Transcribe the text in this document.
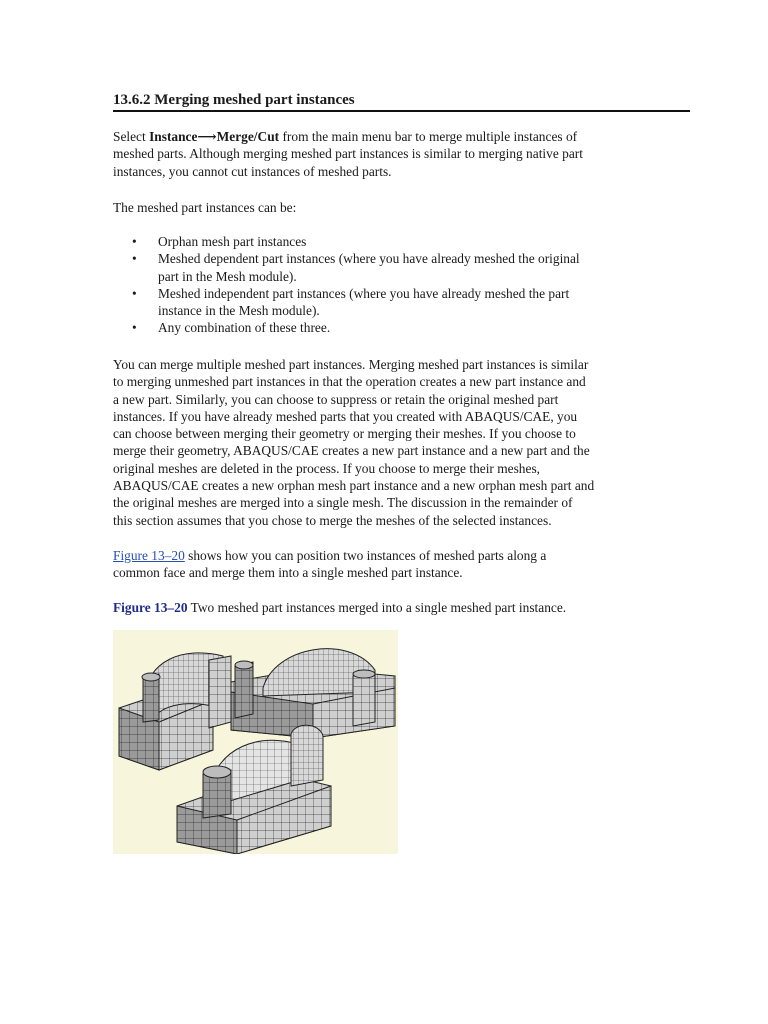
13.6.2 Merging meshed part instances

Select Instance⟶Merge/Cut from the main menu bar to merge multiple instances of
meshed parts. Although merging meshed part instances is similar to merging native part
instances, you cannot cut instances of meshed parts.

The meshed part instances can be:

• Orphan mesh part instances
• Meshed dependent part instances (where you have already meshed the original
part in the Mesh module).
• Meshed independent part instances (where you have already meshed the part
instance in the Mesh module).
• Any combination of these three.

You can merge multiple meshed part instances. Merging meshed part instances is similar
to merging unmeshed part instances in that the operation creates a new part instance and
a new part. Similarly, you can choose to suppress or retain the original meshed part
instances. If you have already meshed parts that you created with ABAQUS/CAE, you
can choose between merging their geometry or merging their meshes. If you choose to
merge their geometry, ABAQUS/CAE creates a new part instance and a new part and the
original meshes are deleted in the process. If you choose to merge their meshes,
ABAQUS/CAE creates a new orphan mesh part instance and a new orphan mesh part and
the original meshes are merged into a single mesh. The discussion in the remainder of
this section assumes that you chose to merge the meshes of the selected instances.

Figure 13–20 shows how you can position two instances of meshed parts along a
common face and merge them into a single meshed part instance.

Figure 13–20 Two meshed part instances merged into a single meshed part instance.
